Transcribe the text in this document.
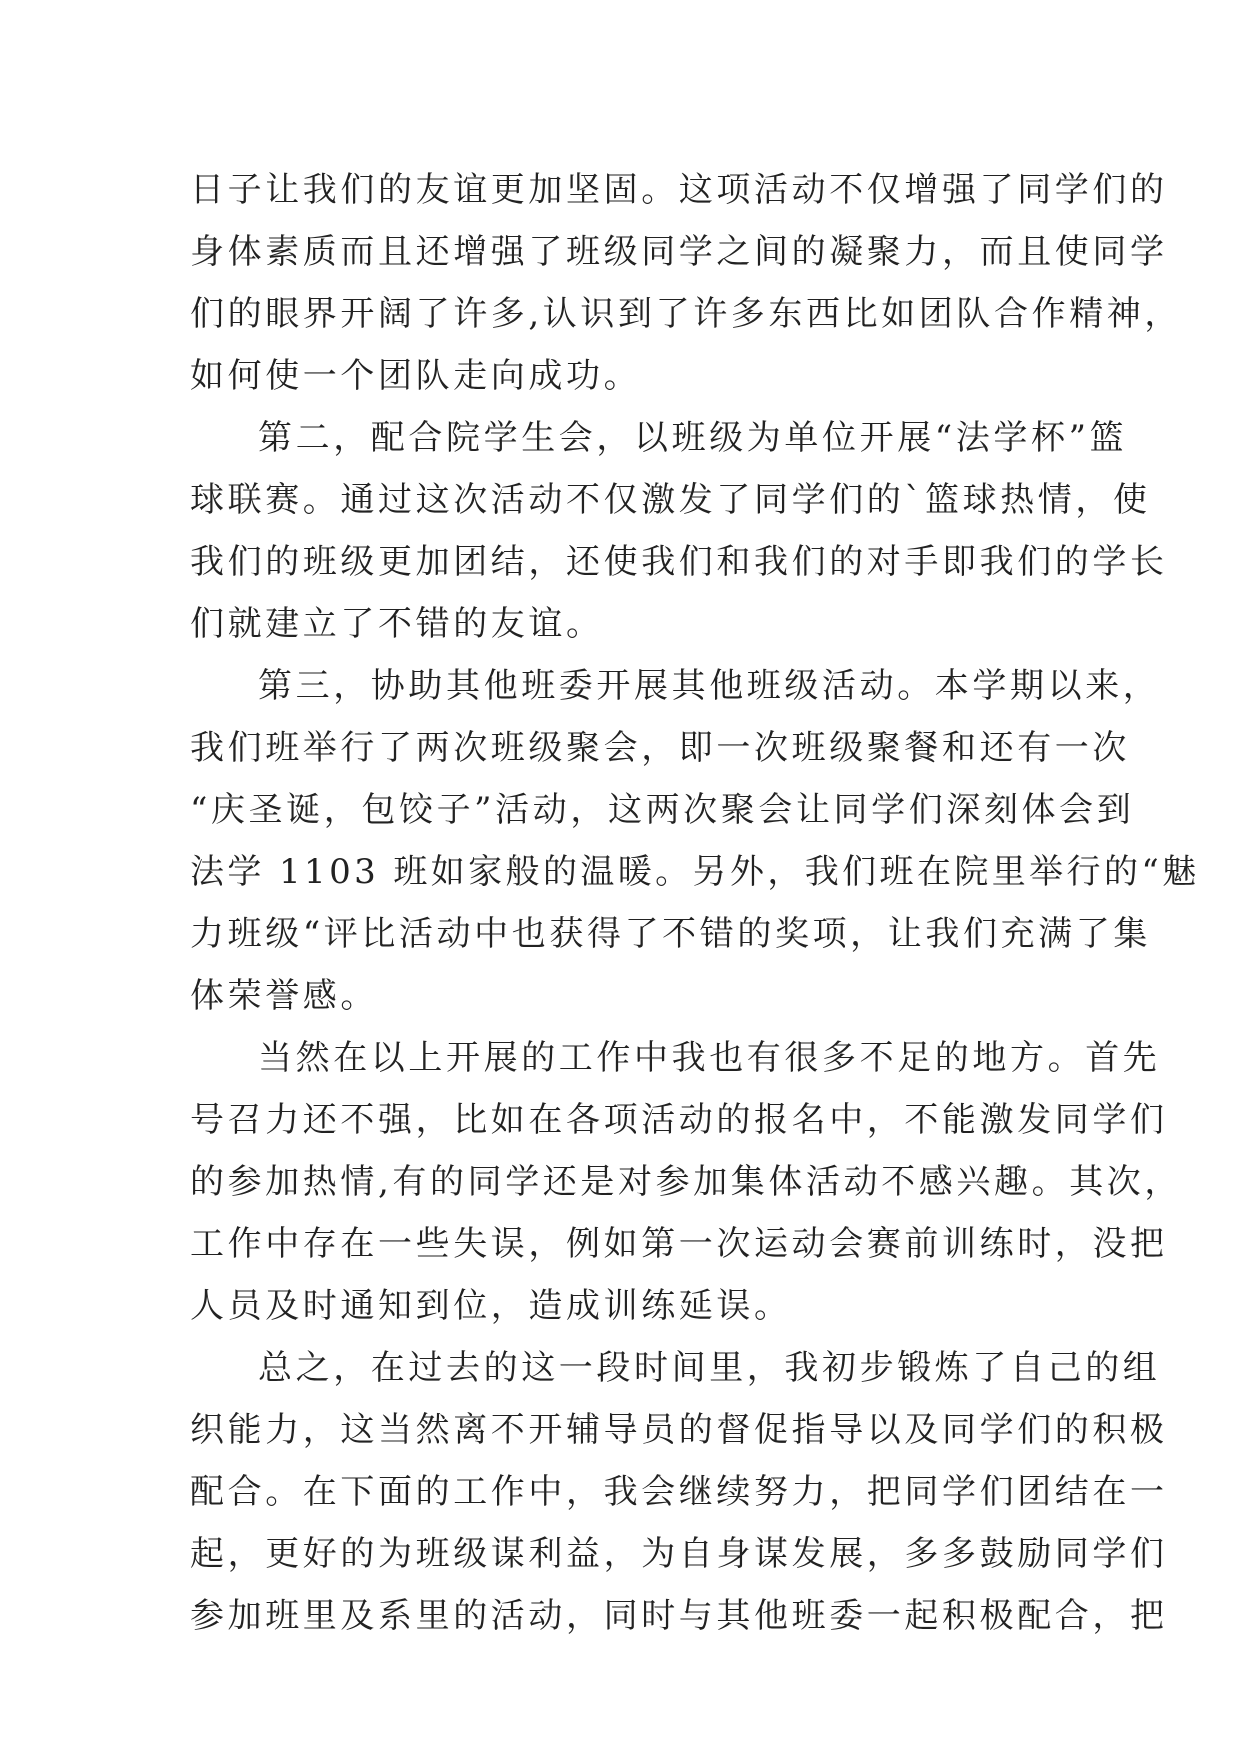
日子让我们的友谊更加坚固。这项活动不仅增强了同学们的
身体素质而且还增强了班级同学之间的凝聚力，而且使同学
们的眼界开阔了许多,认识到了许多东西比如团队合作精神，
如何使一个团队走向成功。
第二，配合院学生会，以班级为单位开展“法学杯”篮
球联赛。通过这次活动不仅激发了同学们的`篮球热情，使
我们的班级更加团结，还使我们和我们的对手即我们的学长
们就建立了不错的友谊。
第三，协助其他班委开展其他班级活动。本学期以来，
我们班举行了两次班级聚会，即一次班级聚餐和还有一次
“庆圣诞，包饺子”活动，这两次聚会让同学们深刻体会到
法学 1103 班如家般的温暖。另外，我们班在院里举行的“魅
力班级“评比活动中也获得了不错的奖项，让我们充满了集
体荣誉感。
当然在以上开展的工作中我也有很多不足的地方。首先
号召力还不强，比如在各项活动的报名中，不能激发同学们
的参加热情,有的同学还是对参加集体活动不感兴趣。其次，
工作中存在一些失误，例如第一次运动会赛前训练时，没把
人员及时通知到位，造成训练延误。
总之，在过去的这一段时间里，我初步锻炼了自己的组
织能力，这当然离不开辅导员的督促指导以及同学们的积极
配合。在下面的工作中，我会继续努力，把同学们团结在一
起，更好的为班级谋利益，为自身谋发展，多多鼓励同学们
参加班里及系里的活动，同时与其他班委一起积极配合，把
